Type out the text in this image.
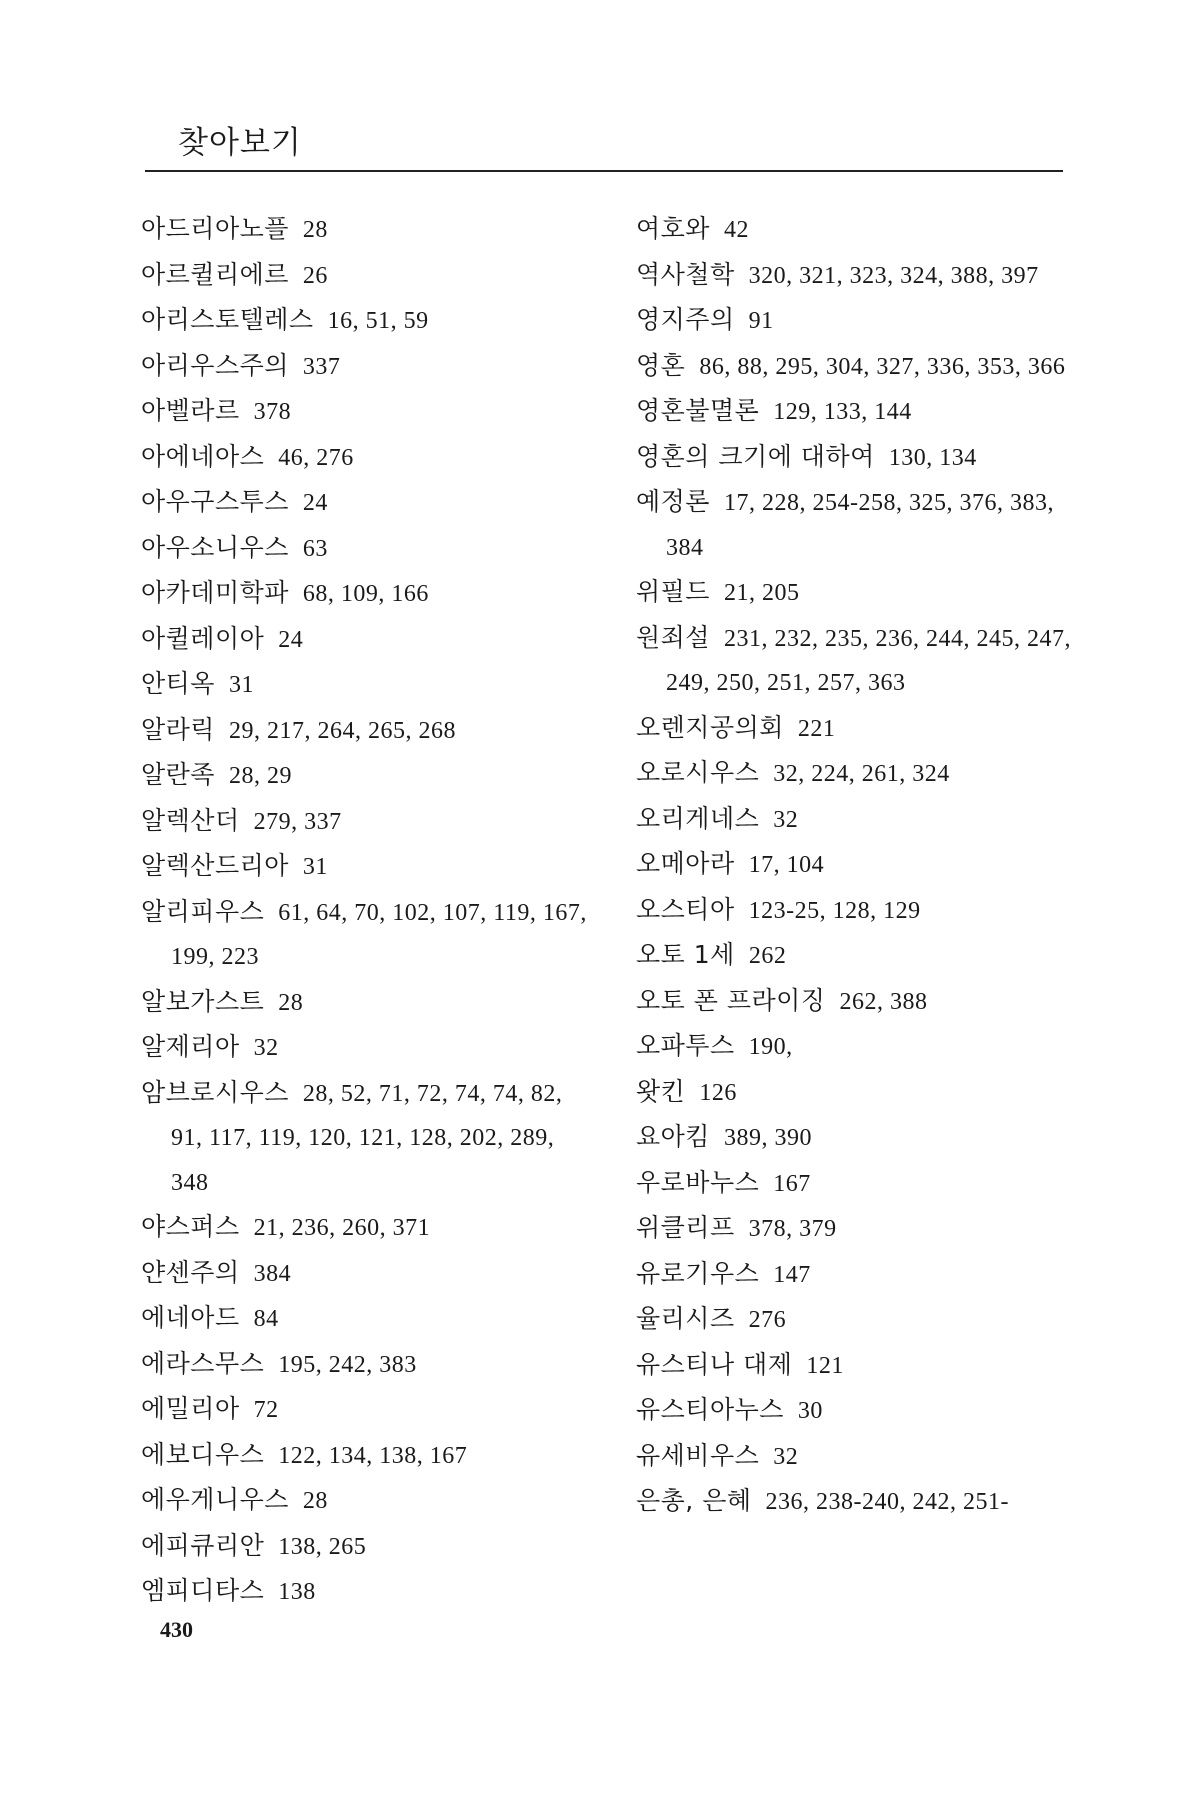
찾아보기
아드리아노플 28
아르퀼리에르 26
아리스토텔레스 16, 51, 59
아리우스주의 337
아벨라르 378
아에네아스 46, 276
아우구스투스 24
아우소니우스 63
아카데미학파 68, 109, 166
아퀼레이아 24
안티옥 31
알라릭 29, 217, 264, 265, 268
알란족 28, 29
알렉산더 279, 337
알렉산드리아 31
알리피우스 61, 64, 70, 102, 107, 119, 167, 199, 223
알보가스트 28
알제리아 32
암브로시우스 28, 52, 71, 72, 74, 74, 82, 91, 117, 119, 120, 121, 128, 202, 289, 348
야스퍼스 21, 236, 260, 371
얀센주의 384
에네아드 84
에라스무스 195, 242, 383
에밀리아 72
에보디우스 122, 134, 138, 167
에우게니우스 28
에피큐리안 138, 265
엠피디타스 138
여호와 42
역사철학 320, 321, 323, 324, 388, 397
영지주의 91
영혼 86, 88, 295, 304, 327, 336, 353, 366
영혼불멸론 129, 133, 144
영혼의 크기에 대하여 130, 134
예정론 17, 228, 254-258, 325, 376, 383, 384
위필드 21, 205
원죄설 231, 232, 235, 236, 244, 245, 247, 249, 250, 251, 257, 363
오렌지공의회 221
오로시우스 32, 224, 261, 324
오리게네스 32
오메아라 17, 104
오스티아 123-25, 128, 129
오토 1세 262
오토 폰 프라이징 262, 388
오파투스 190,
왓킨 126
요아킴 389, 390
우로바누스 167
위클리프 378, 379
유로기우스 147
율리시즈 276
유스티나 대제 121
유스티아누스 30
유세비우스 32
은총, 은혜 236, 238-240, 242, 251-
430
